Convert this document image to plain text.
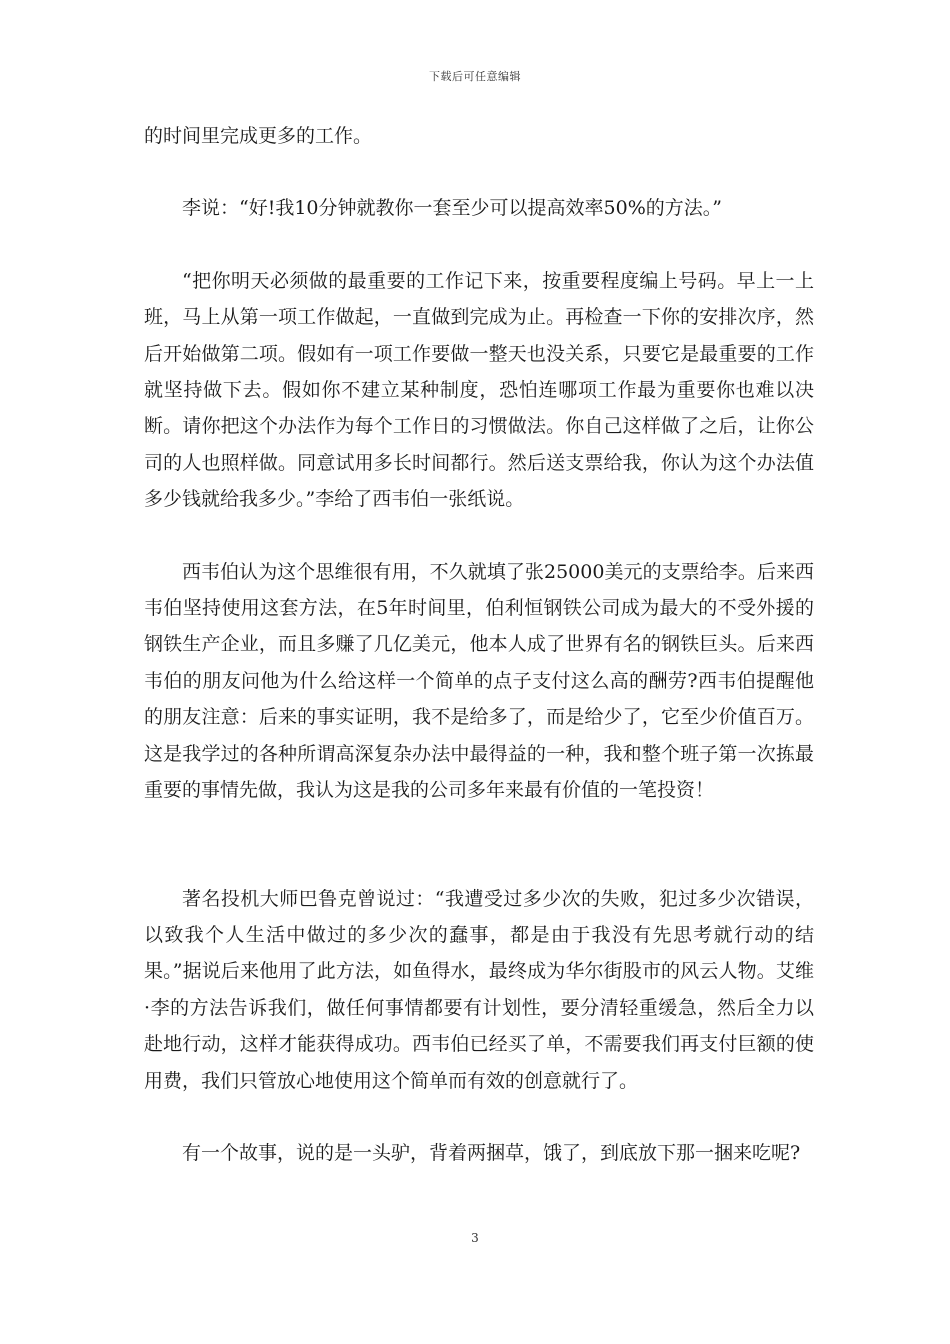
下载后可任意编辑

的时间里完成更多的工作。

李说：“好!我10分钟就教你一套至少可以提高效率50%的方法。”

“把你明天必须做的最重要的工作记下来，按重要程度编上号码。早上一上班，马上从第一项工作做起，一直做到完成为止。再检查一下你的安排次序，然后开始做第二项。假如有一项工作要做一整天也没关系，只要它是最重要的工作就坚持做下去。假如你不建立某种制度，恐怕连哪项工作最为重要你也难以决断。请你把这个办法作为每个工作日的习惯做法。你自己这样做了之后，让你公司的人也照样做。同意试用多长时间都行。然后送支票给我，你认为这个办法值多少钱就给我多少。”李给了西韦伯一张纸说。

西韦伯认为这个思维很有用，不久就填了张25000美元的支票给李。后来西韦伯坚持使用这套方法，在5年时间里，伯利恒钢铁公司成为最大的不受外援的钢铁生产企业，而且多赚了几亿美元，他本人成了世界有名的钢铁巨头。后来西韦伯的朋友问他为什么给这样一个简单的点子支付这么高的酬劳?西韦伯提醒他的朋友注意：后来的事实证明，我不是给多了，而是给少了，它至少价值百万。这是我学过的各种所谓高深复杂办法中最得益的一种，我和整个班子第一次拣最重要的事情先做，我认为这是我的公司多年来最有价值的一笔投资！

著名投机大师巴鲁克曾说过：“我遭受过多少次的失败，犯过多少次错误，以致我个人生活中做过的多少次的蠢事，都是由于我没有先思考就行动的结果。”据说后来他用了此方法，如鱼得水，最终成为华尔街股市的风云人物。艾维·李的方法告诉我们，做任何事情都要有计划性，要分清轻重缓急，然后全力以赴地行动，这样才能获得成功。西韦伯已经买了单，不需要我们再支付巨额的使用费，我们只管放心地使用这个简单而有效的创意就行了。

有一个故事，说的是一头驴，背着两捆草，饿了，到底放下那一捆来吃呢?

3
